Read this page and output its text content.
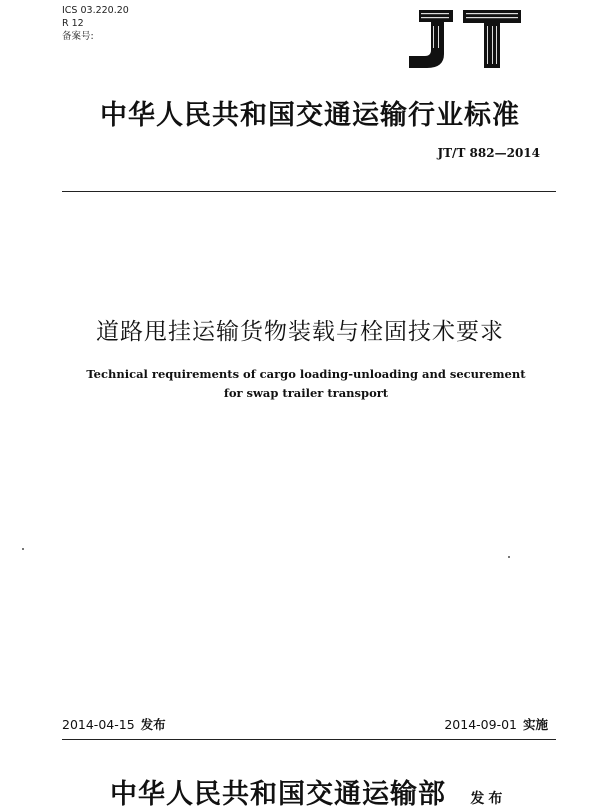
ICS 03.220.20
R 12
备案号:
JT
中华人民共和国交通运输行业标准
JT/T 882—2014
道路甩挂运输货物装载与栓固技术要求
Technical requirements of cargo loading-unloading and securement
for swap trailer transport
2014-04-15 发布	2014-09-01 实施
中华人民共和国交通运输部 发布
